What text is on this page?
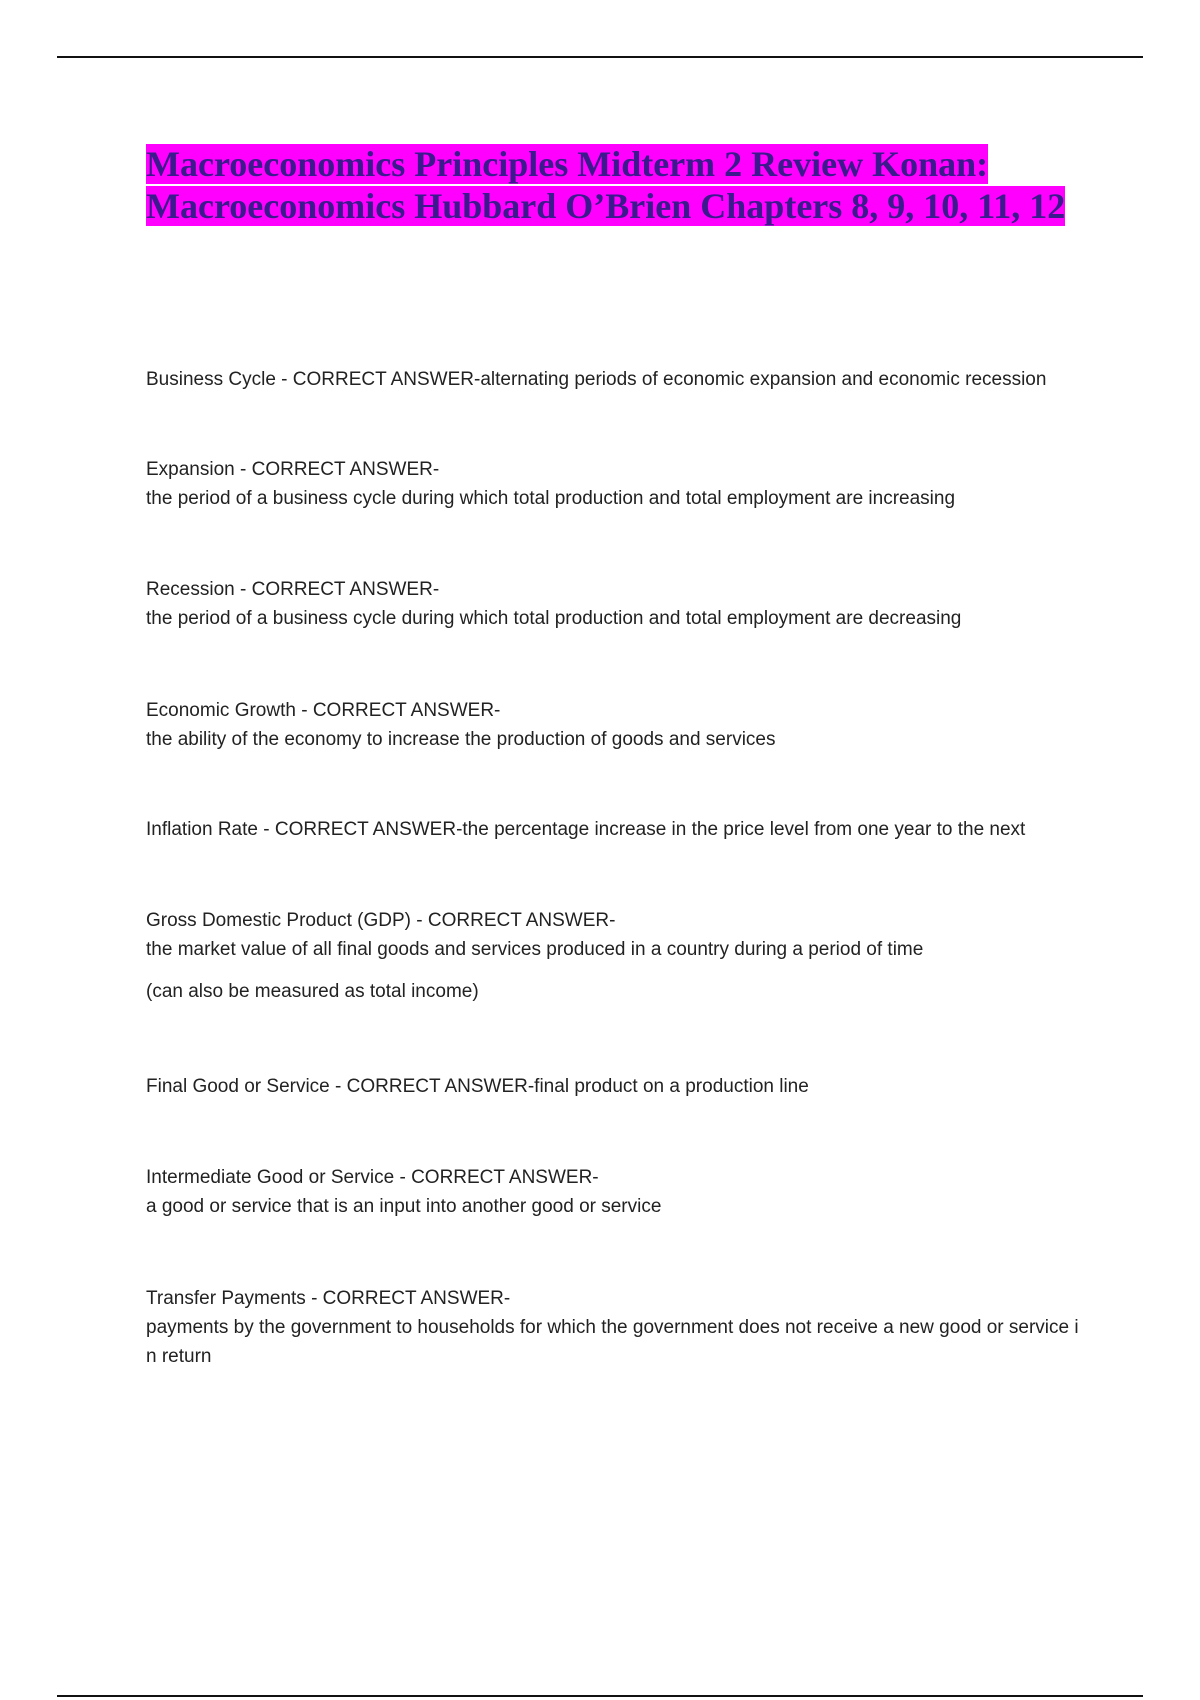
Macroeconomics Principles Midterm 2 Review Konan: Macroeconomics Hubbard O’Brien Chapters 8, 9, 10, 11, 12
Business Cycle - CORRECT ANSWER-alternating periods of economic expansion and economic recession
Expansion - CORRECT ANSWER-
the period of a business cycle during which total production and total employment are increasing
Recession - CORRECT ANSWER-
the period of a business cycle during which total production and total employment are decreasing
Economic Growth - CORRECT ANSWER-
the ability of the economy to increase the production of goods and services
Inflation Rate - CORRECT ANSWER-the percentage increase in the price level from one year to the next
Gross Domestic Product (GDP) - CORRECT ANSWER-
the market value of all final goods and services produced in a country during a period of time
(can also be measured as total income)
Final Good or Service - CORRECT ANSWER-final product on a production line
Intermediate Good or Service - CORRECT ANSWER-
a good or service that is an input into another good or service
Transfer Payments - CORRECT ANSWER-
payments by the government to households for which the government does not receive a new good or service in return
